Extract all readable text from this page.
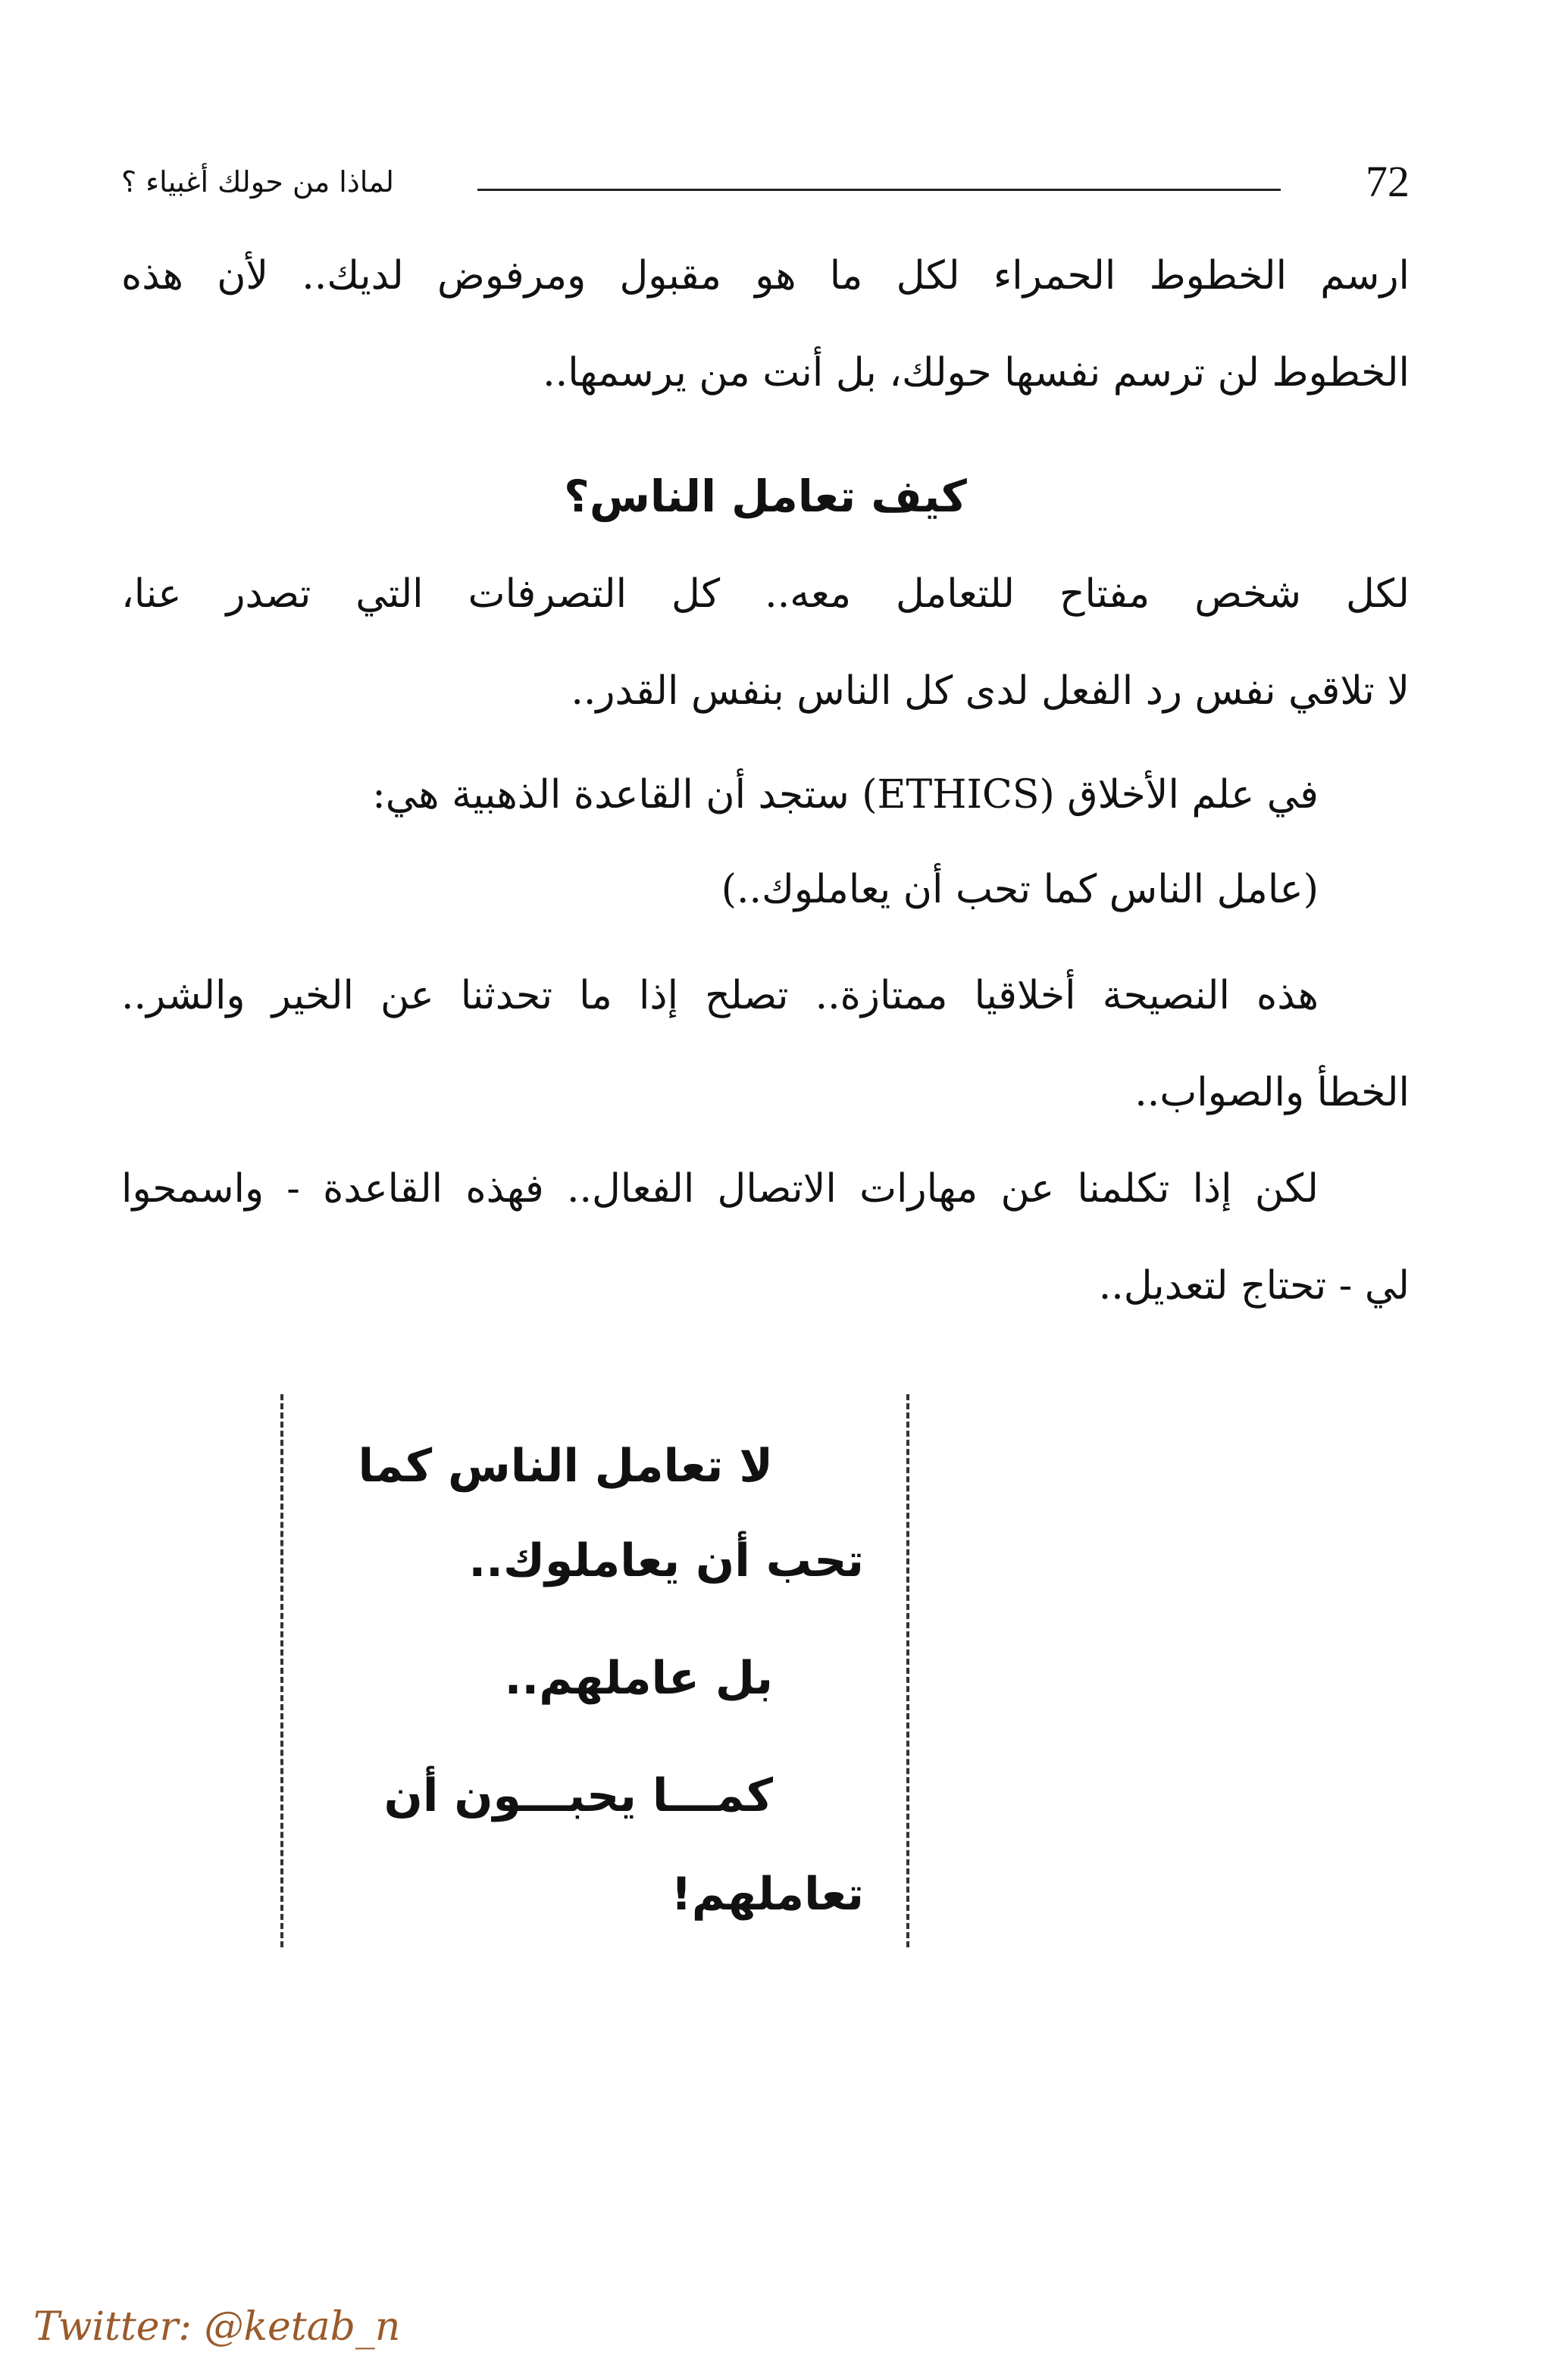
72
لماذا من حولك أغبياء ؟
ارسم الخطوط الحمراء لكل ما هو مقبول ومرفوض لديك.. لأن هذه
الخطوط لن ترسم نفسها حولك، بل أنت من يرسمها..
كيف تعامل الناس؟
لكل شخص مفتاح للتعامل معه.. كل التصرفات التي تصدر عنا،
لا تلاقي نفس رد الفعل لدى كل الناس بنفس القدر..
في علم الأخلاق (ETHICS) ستجد أن القاعدة الذهبية هي:
(عامل الناس كما تحب أن يعاملوك..)
هذه النصيحة أخلاقيا ممتازة.. تصلح إذا ما تحدثنا عن الخير والشر..
الخطأ والصواب..
لكن إذا تكلمنا عن مهارات الاتصال الفعال.. فهذه القاعدة - واسمحوا
لي - تحتاج لتعديل..
لا تعامل الناس كما
تحب أن يعاملوك..
بل عاملهم..
كمـــا يحبـــون أن
تعاملهم!
Twitter: @ketab_n
